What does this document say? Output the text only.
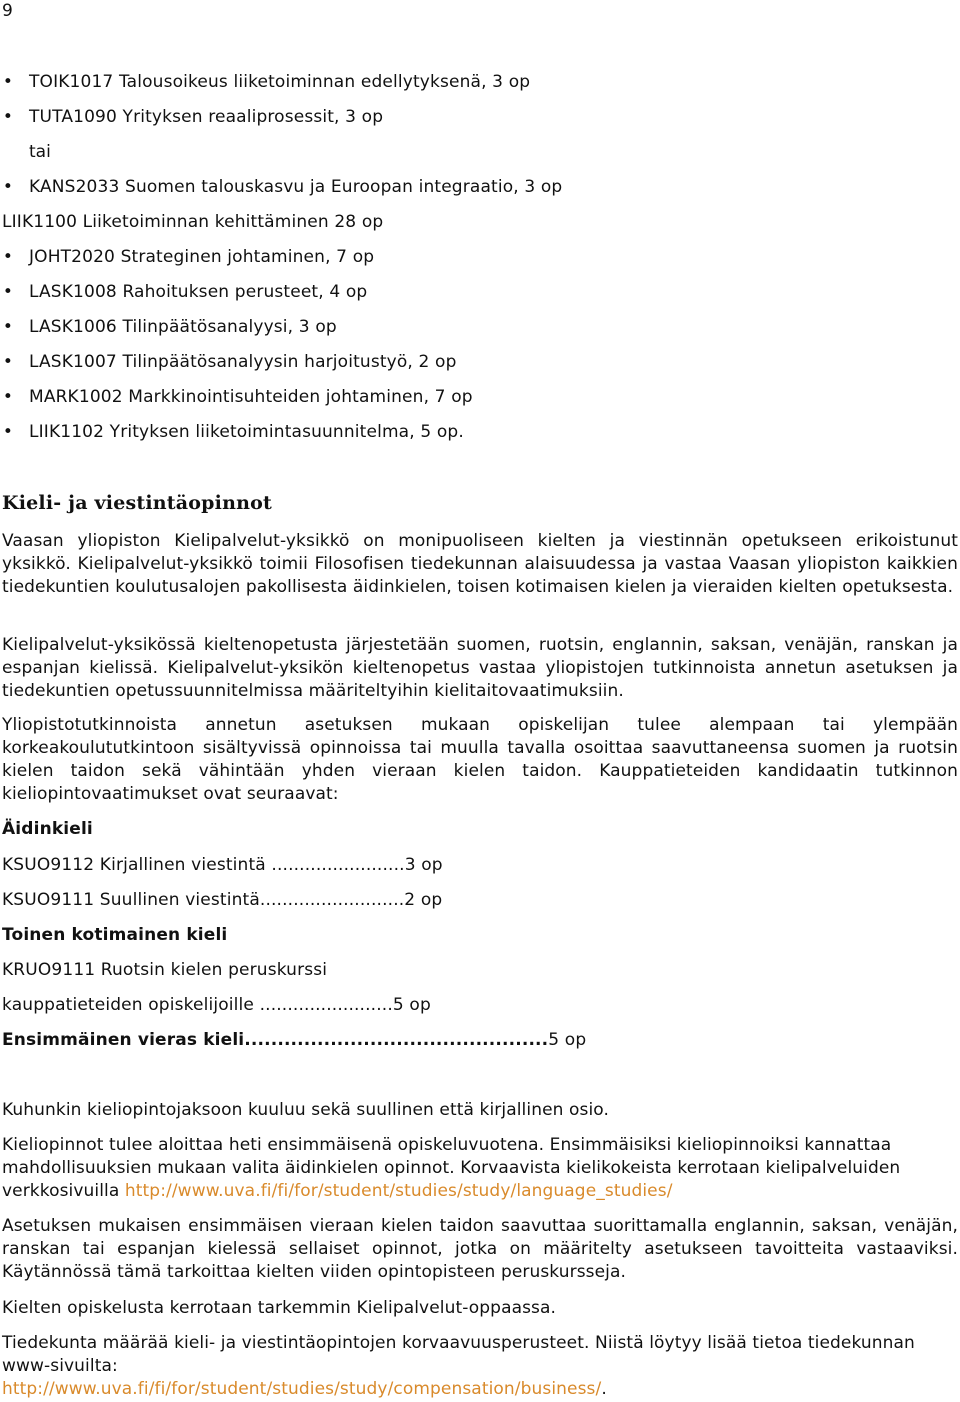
9
• TOIK1017 Talousoikeus liiketoiminnan edellytyksenä, 3 op
• TUTA1090 Yrityksen reaaliprosessit, 3 op
tai
• KANS2033 Suomen talouskasvu ja Euroopan integraatio, 3 op
LIIK1100 Liiketoiminnan kehittäminen 28 op
• JOHT2020 Strateginen johtaminen, 7 op
• LASK1008 Rahoituksen perusteet, 4 op
• LASK1006 Tilinpäätösanalyysi, 3 op
• LASK1007 Tilinpäätösanalyysin harjoitustyö, 2 op
• MARK1002 Markkinointisuhteiden johtaminen, 7 op
• LIIK1102 Yrityksen liiketoimintasuunnitelma, 5 op.
Kieli- ja viestintäopinnot
Vaasan yliopiston Kielipalvelut-yksikkö on monipuoliseen kielten ja viestinnän opetukseen erikoistunut yksikkö. Kielipalvelut-yksikkö toimii Filosofisen tiedekunnan alaisuudessa ja vastaa Vaasan yliopiston kaikkien tiedekuntien koulutusalojen pakollisesta äidinkielen, toisen kotimaisen kielen ja vieraiden kielten opetuksesta.
Kielipalvelut-yksikössä kieltenopetusta järjestetään suomen, ruotsin, englannin, saksan, venäjän, ranskan ja espanjan kielissä. Kielipalvelut-yksikön kieltenopetus vastaa yliopistojen tutkinnoista annetun asetuksen ja tiedekuntien opetussuunnitelmissa määriteltyihin kielitaitovaatimuksiin.
Yliopistotutkinnoista annetun asetuksen mukaan opiskelijan tulee alempaan tai ylempään korkeakoulututkintoon sisältyvissä opinnoissa tai muulla tavalla osoittaa saavuttaneensa suomen ja ruotsin kielen taidon sekä vähintään yhden vieraan kielen taidon. Kauppatieteiden kandidaatin tutkinnon kieliopintovaatimukset ovat seuraavat:
Äidinkieli
KSUO9112 Kirjallinen viestintä ........................3 op
KSUO9111 Suullinen viestintä..........................2 op
Toinen kotimainen kieli
KRUO9111 Ruotsin kielen peruskurssi
kauppatieteiden opiskelijoille ........................5 op
Ensimmäinen vieras kieli..............................................5 op
Kuhunkin kieliopintojaksoon kuuluu sekä suullinen että kirjallinen osio.
Kieliopinnot tulee aloittaa heti ensimmäisenä opiskeluvuotena. Ensimmäisiksi kieliopinnoiksi kannattaa mahdollisuuksien mukaan valita äidinkielen opinnot. Korvaavista kielikokeista kerrotaan kielipalveluiden verkkosivuilla http://www.uva.fi/fi/for/student/studies/study/language_studies/
Asetuksen mukaisen ensimmäisen vieraan kielen taidon saavuttaa suorittamalla englannin, saksan, venäjän, ranskan tai espanjan kielessä sellaiset opinnot, jotka on määritelty asetukseen tavoitteita vastaaviksi. Käytännössä tämä tarkoittaa kielten viiden opintopisteen peruskursseja.
Kielten opiskelusta kerrotaan tarkemmin Kielipalvelut-oppaassa.
Tiedekunta määrää kieli- ja viestintäopintojen korvaavuusperusteet. Niistä löytyy lisää tietoa tiedekunnan www-sivuilta:
http://www.uva.fi/fi/for/student/studies/study/compensation/business/.
